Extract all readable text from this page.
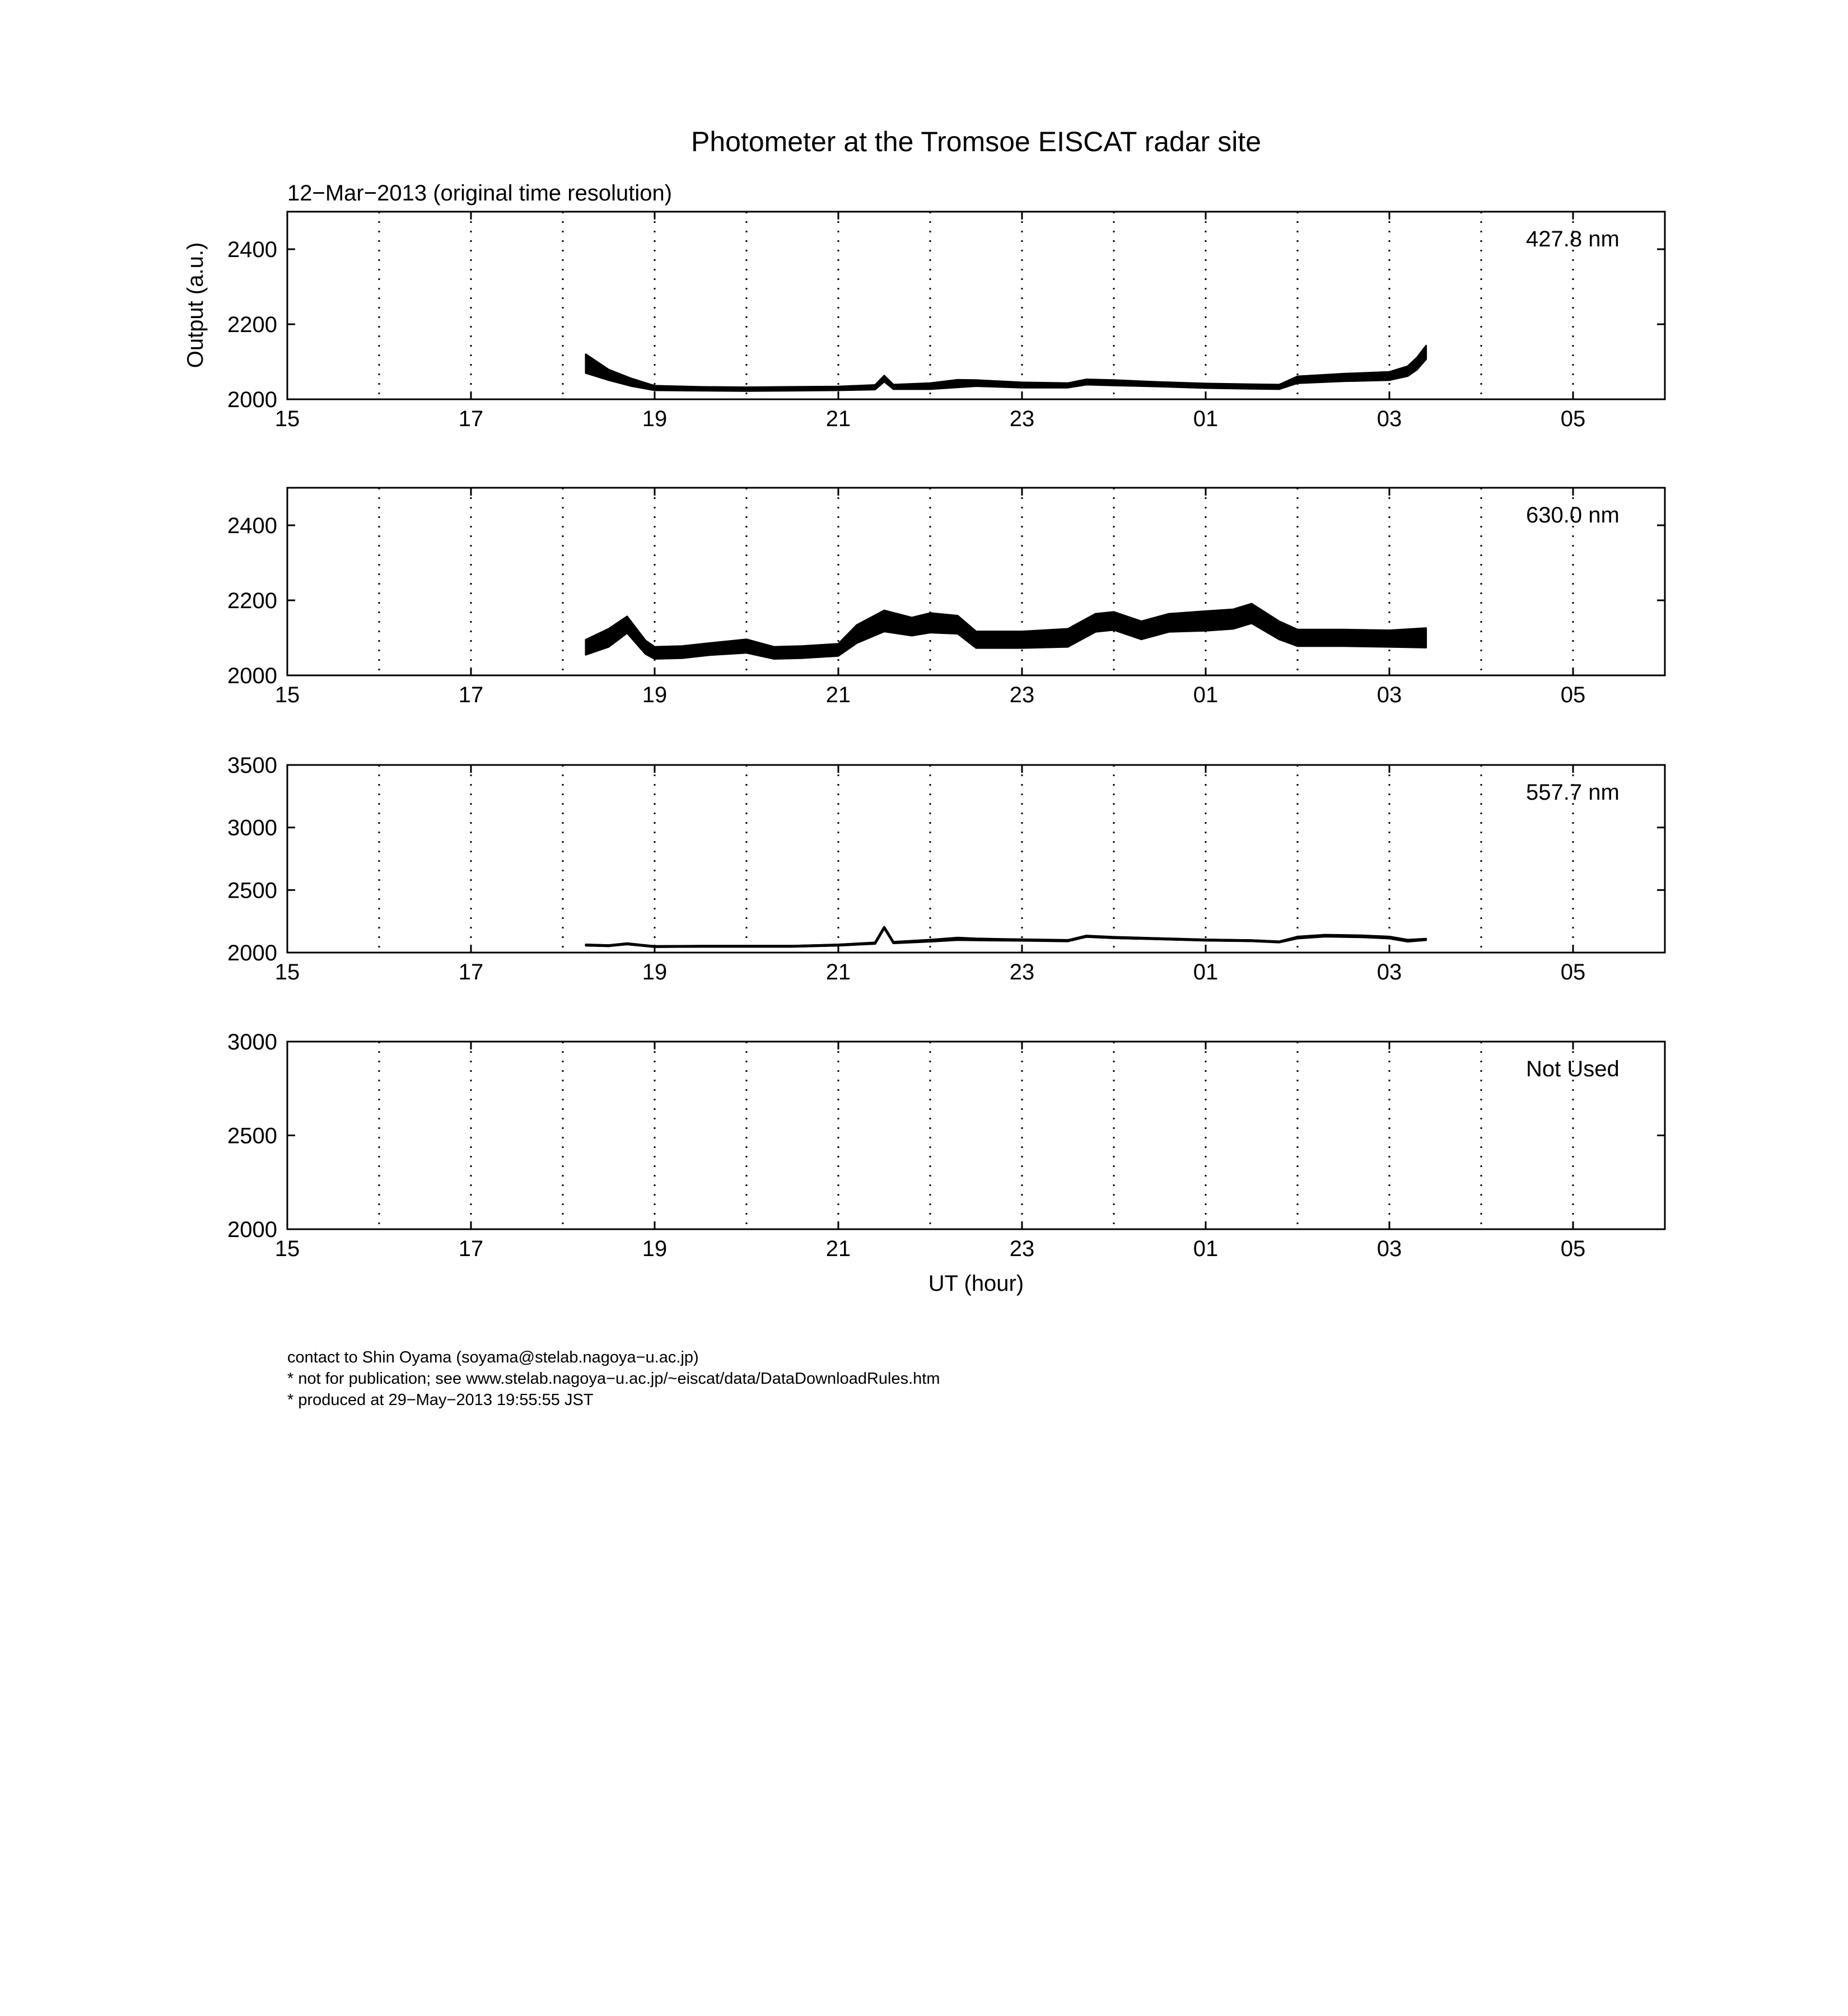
Photometer at the Tromsoe EISCAT radar site
12−Mar−2013 (original time resolution)
Output (a.u.)
UT (hour)
15	17	19	21	23	01	03	05
2000
2200
2400	427.8 nm
15	17	19	21	23	01	03	05
2000
2200
2400	630.0 nm
15	17	19	21	23	01	03	05
2000
2500
3000
3500
557.7 nm
15	17	19	21	23	01	03	05
2000
2500
3000
Not Used
contact to Shin Oyama (soyama@stelab.nagoya−u.ac.jp)
* not for publication; see www.stelab.nagoya−u.ac.jp/~eiscat/data/DataDownloadRules.htm
* produced at 29−May−2013 19:55:55 JST
